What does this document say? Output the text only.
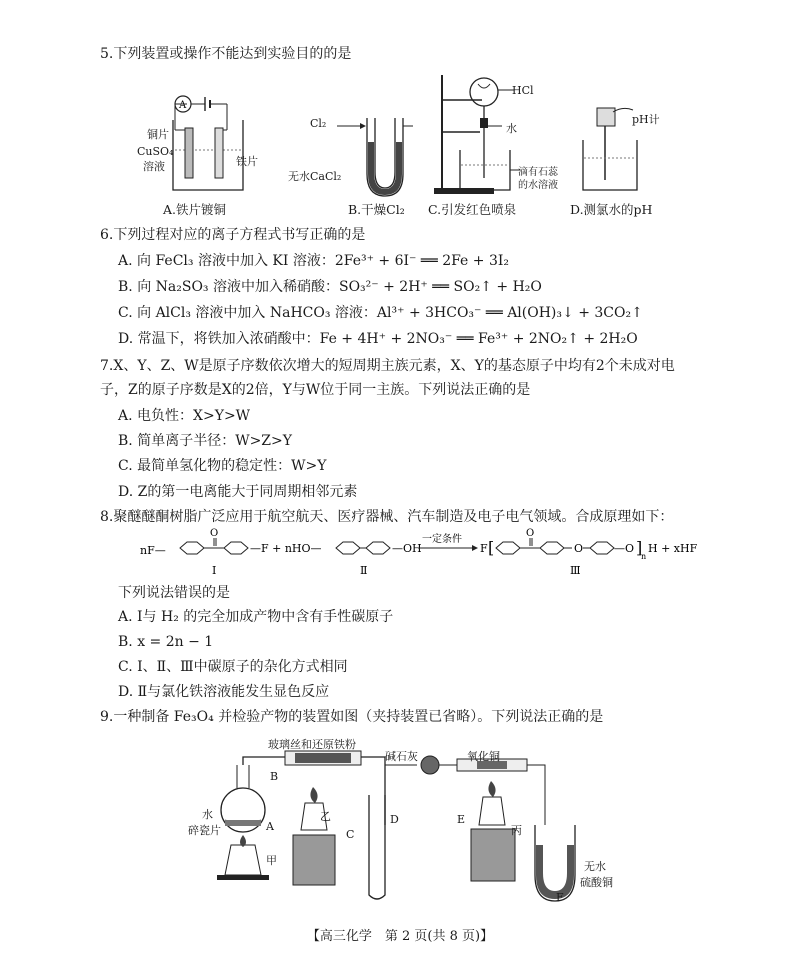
5.下列装置或操作不能达到实验目的的是
A
铜片
CuSO₄
溶液	铁片
A.铁片镀铜
Cl₂
无水CaCl₂
B.干燥Cl₂
HCl
水
滴有石蕊
的水溶液
C.引发红色喷泉
pH计
D.测氯水的pH
6.下列过程对应的离子方程式书写正确的是
A. 向 FeCl₃ 溶液中加入 KI 溶液：2Fe³⁺ + 6I⁻ ══ 2Fe + 3I₂
B. 向 Na₂SO₃ 溶液中加入稀硝酸：SO₃²⁻ + 2H⁺ ══ SO₂↑ + H₂O
C. 向 AlCl₃ 溶液中加入 NaHCO₃ 溶液：Al³⁺ + 3HCO₃⁻ ══ Al(OH)₃↓ + 3CO₂↑
D. 常温下，将铁加入浓硝酸中：Fe + 4H⁺ + 2NO₃⁻ ══ Fe³⁺ + 2NO₂↑ + 2H₂O
7.X、Y、Z、W是原子序数依次增大的短周期主族元素，X、Y的基态原子中均有2个未成对电
子，Z的原子序数是X的2倍，Y与W位于同一主族。下列说法正确的是
A. 电负性：X>Y>W
B. 简单离子半径：W>Z>Y
C. 最简单氢化物的稳定性：W>Y
D. Z的第一电离能大于同周期相邻元素
8.聚醚醚酮树脂广泛应用于航空航天、医疗器械、汽车制造及电子电气领域。合成原理如下：
nF—
O
—F + nHO—	—OH
一定条件
F [
O
O	—O ]
n
H + xHF
Ⅰ	Ⅱ	Ⅲ
下列说法错误的是
A. Ⅰ与 H₂ 的完全加成产物中含有手性碳原子
B. x = 2n − 1
C. Ⅰ、Ⅱ、Ⅲ中碳原子的杂化方式相同
D. Ⅱ与氯化铁溶液能发生显色反应
9.一种制备 Fe₃O₄ 并检验产物的装置如图（夹持装置已省略）。下列说法正确的是
玻璃丝和还原铁粉
水
碎瓷片	A
B
C
D	E
F
乙
甲
丙
碱石灰	氧化铜
无水
硫酸铜
【高三化学　第 2 页(共 8 页)】
